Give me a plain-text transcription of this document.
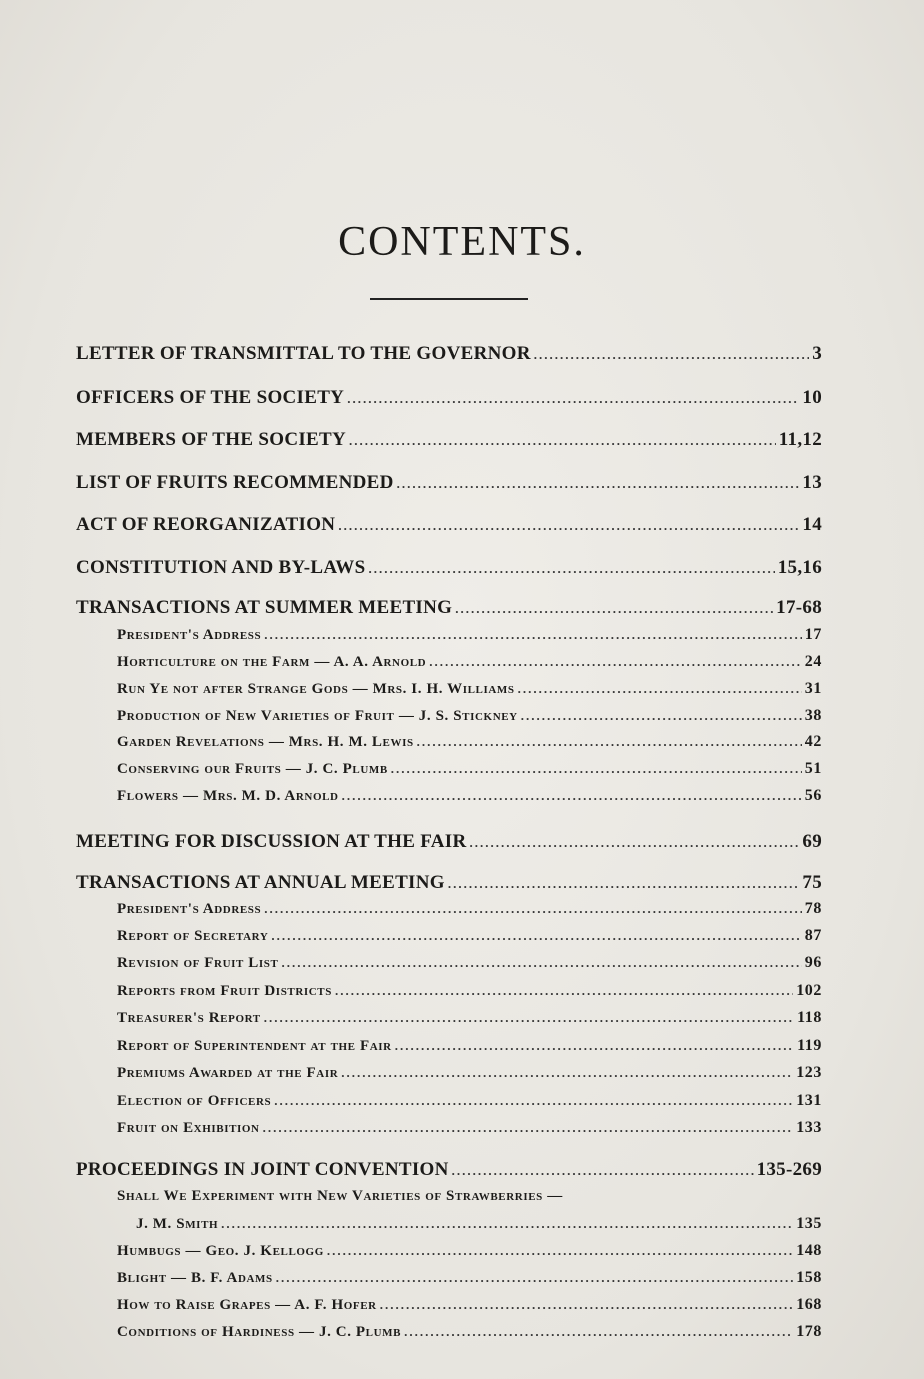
CONTENTS.
LETTER OF TRANSMITTAL TO THE GOVERNOR .....	3
OFFICERS OF THE SOCIETY .....	10
MEMBERS OF THE SOCIETY .....	11,12
LIST OF FRUITS RECOMMENDED .....	13
ACT OF REORGANIZATION .....	14
CONSTITUTION AND BY-LAWS .....	15,16
TRANSACTIONS AT SUMMER MEETING .....	17-68
President's Address .....	17
Horticulture on the Farm — A. A. Arnold .....	24
Run Ye not after Strange Gods — Mrs. I. H. Williams .....	31
Production of New Varieties of Fruit — J. S. Stickney .....	38
Garden Revelations — Mrs. H. M. Lewis .....	42
Conserving our Fruits — J. C. Plumb .....	51
Flowers — Mrs. M. D. Arnold .....	56
MEETING FOR DISCUSSION AT THE FAIR .....	69
TRANSACTIONS AT ANNUAL MEETING .....	75
President's Address .....	78
Report of Secretary .....	87
Revision of Fruit List .....	96
Reports from Fruit Districts .....	102
Treasurer's Report .....	118
Report of Superintendent at the Fair .....	119
Premiums Awarded at the Fair .....	123
Election of Officers .....	131
Fruit on Exhibition .....	133
PROCEEDINGS IN JOINT CONVENTION .....	135-269
Shall We Experiment with New Varieties of Strawberries —
J. M. Smith .....	135
Humbugs — Geo. J. Kellogg .....	148
Blight — B. F. Adams .....	158
How to Raise Grapes — A. F. Hofer .....	168
Conditions of Hardiness — J. C. Plumb .....	178
